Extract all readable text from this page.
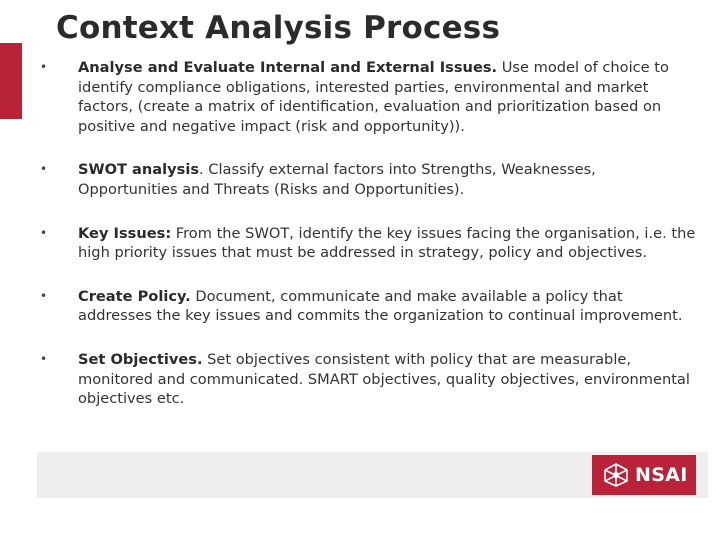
Context Analysis Process
• Analyse and Evaluate Internal and External Issues. Use model of choice to identify compliance obligations, interested parties, environmental and market factors, (create a matrix of identification, evaluation and prioritization based on positive and negative impact (risk and opportunity)).
• SWOT analysis. Classify external factors into Strengths, Weaknesses, Opportunities and Threats (Risks and Opportunities).
• Key Issues: From the SWOT, identify the key issues facing the organisation, i.e. the high priority issues that must be addressed in strategy, policy and objectives.
• Create Policy. Document, communicate and make available a policy that addresses the key issues and commits the organization to continual improvement.
• Set Objectives. Set objectives consistent with policy that are measurable, monitored and communicated. SMART objectives, quality objectives, environmental objectives etc.
NSAI
